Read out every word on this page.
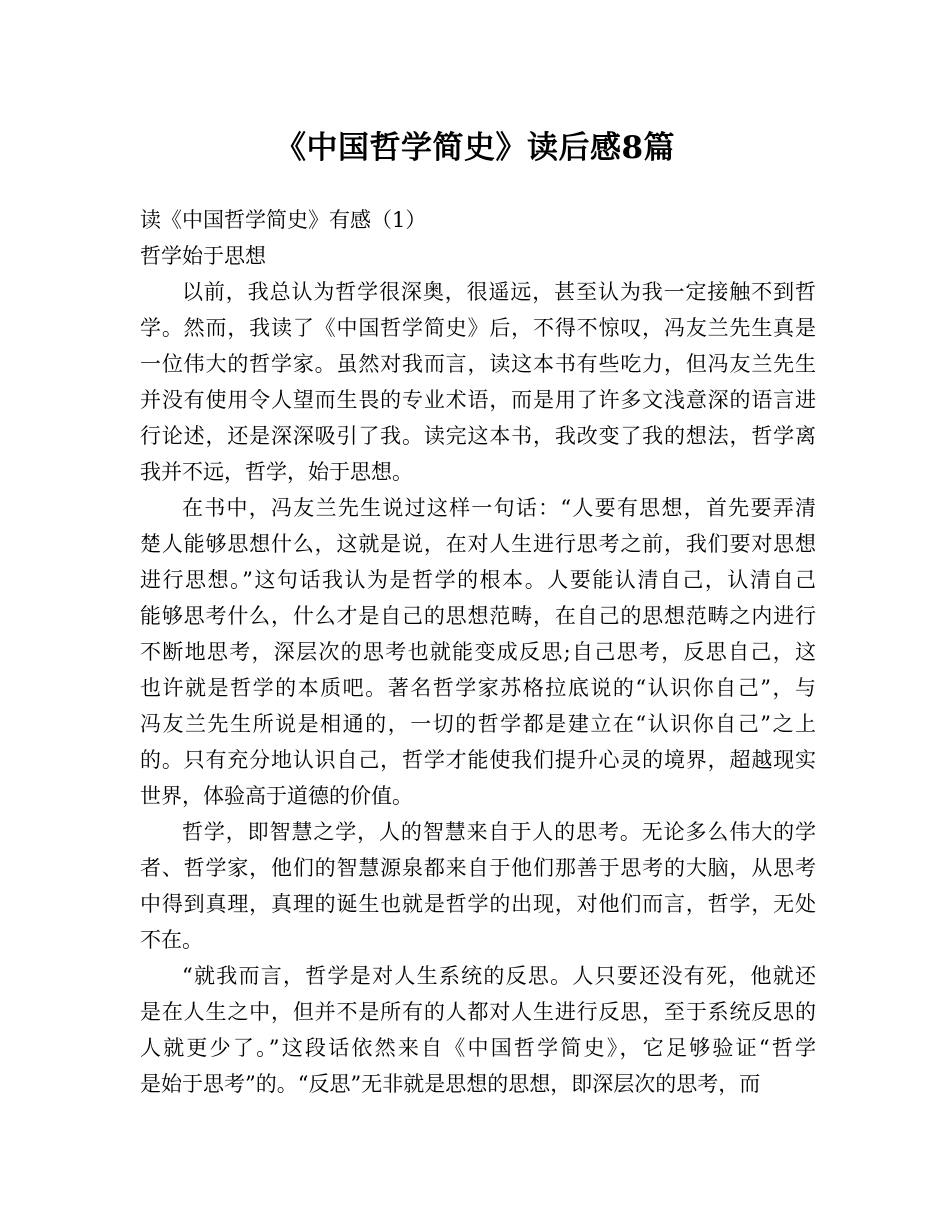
《中国哲学简史》读后感8篇
读《中国哲学简史》有感（1）
哲学始于思想
以前，我总认为哲学很深奥，很遥远，甚至认为我一定接触不到哲
学。然而，我读了《中国哲学简史》后，不得不惊叹，冯友兰先生真是
一位伟大的哲学家。虽然对我而言，读这本书有些吃力，但冯友兰先生
并没有使用令人望而生畏的专业术语，而是用了许多文浅意深的语言进
行论述，还是深深吸引了我。读完这本书，我改变了我的想法，哲学离
我并不远，哲学，始于思想。
在书中，冯友兰先生说过这样一句话：“人要有思想，首先要弄清
楚人能够思想什么，这就是说，在对人生进行思考之前，我们要对思想
进行思想。”这句话我认为是哲学的根本。人要能认清自己，认清自己
能够思考什么，什么才是自己的思想范畴，在自己的思想范畴之内进行
不断地思考，深层次的思考也就能变成反思;自己思考，反思自己，这
也许就是哲学的本质吧。著名哲学家苏格拉底说的“认识你自己”，与
冯友兰先生所说是相通的，一切的哲学都是建立在“认识你自己”之上
的。只有充分地认识自己，哲学才能使我们提升心灵的境界，超越现实
世界，体验高于道德的价值。
哲学，即智慧之学，人的智慧来自于人的思考。无论多么伟大的学
者、哲学家，他们的智慧源泉都来自于他们那善于思考的大脑，从思考
中得到真理，真理的诞生也就是哲学的出现，对他们而言，哲学，无处
不在。
“就我而言，哲学是对人生系统的反思。人只要还没有死，他就还
是在人生之中，但并不是所有的人都对人生进行反思，至于系统反思的
人就更少了。”这段话依然来自《中国哲学简史》，它足够验证“哲学
是始于思考”的。“反思”无非就是思想的思想，即深层次的思考，而
